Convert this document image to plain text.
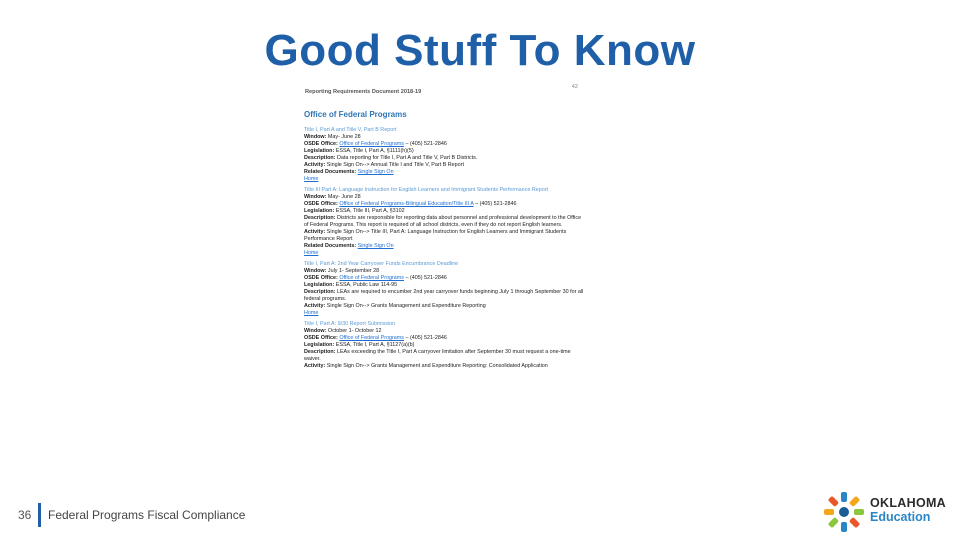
Good Stuff To Know
Reporting Requirements Document 2018-19
42
Office of Federal Programs
Title I, Part A and Title V, Part B Report
Window: May- June 28
OSDE Office: Office of Federal Programs – (405) 521-2846
Legislation: ESSA, Title I, Part A, §1111(h)(5)
Description: Data reporting for Title I, Part A and Title V, Part B Districts.
Activity: Single Sign On--> Annual Title I and Title V, Part B Report
Related Documents: Single Sign On
Home
Title III Part A: Language Instruction for English Learners and Immigrant Students Performance Report
Window: May- June 28
OSDE Office: Office of Federal Programs-Bilingual Education/Title III A – (405) 521-2846
Legislation: ESSA, Title III, Part A, §3102
Description: Districts are responsible for reporting data about personnel and professional development to the Office of Federal Programs. This report is required of all school districts, even if they do not report English learners.
Activity: Single Sign On--> Title III, Part A: Language Instruction for English Learners and Immigrant Students Performance Report
Related Documents: Single Sign On
Home
Title I, Part A: 2nd Year Carryover Funds Encumbrance Deadline
Window: July 1- September 28
OSDE Office: Office of Federal Programs – (405) 521-2846
Legislation: ESSA, Public Law 114-95
Description: LEAs are required to encumber 2nd year carryover funds beginning July 1 through September 30 for all federal programs.
Activity: Single Sign On--> Grants Management and Expenditure Reporting
Home
Title I, Part A: 9/30 Report Submission
Window: October 1- October 12
OSDE Office: Office of Federal Programs – (405) 521-2846
Legislation: ESSA, Title I, Part A, §1127(a)(b)
Description: LEAs exceeding the Title I, Part A carryover limitation after September 30 must request a one-time waiver.
Activity: Single Sign On--> Grants Management and Expenditure Reporting: Consolidated Application
36 Federal Programs Fiscal Compliance
OKLAHOMA
Education
